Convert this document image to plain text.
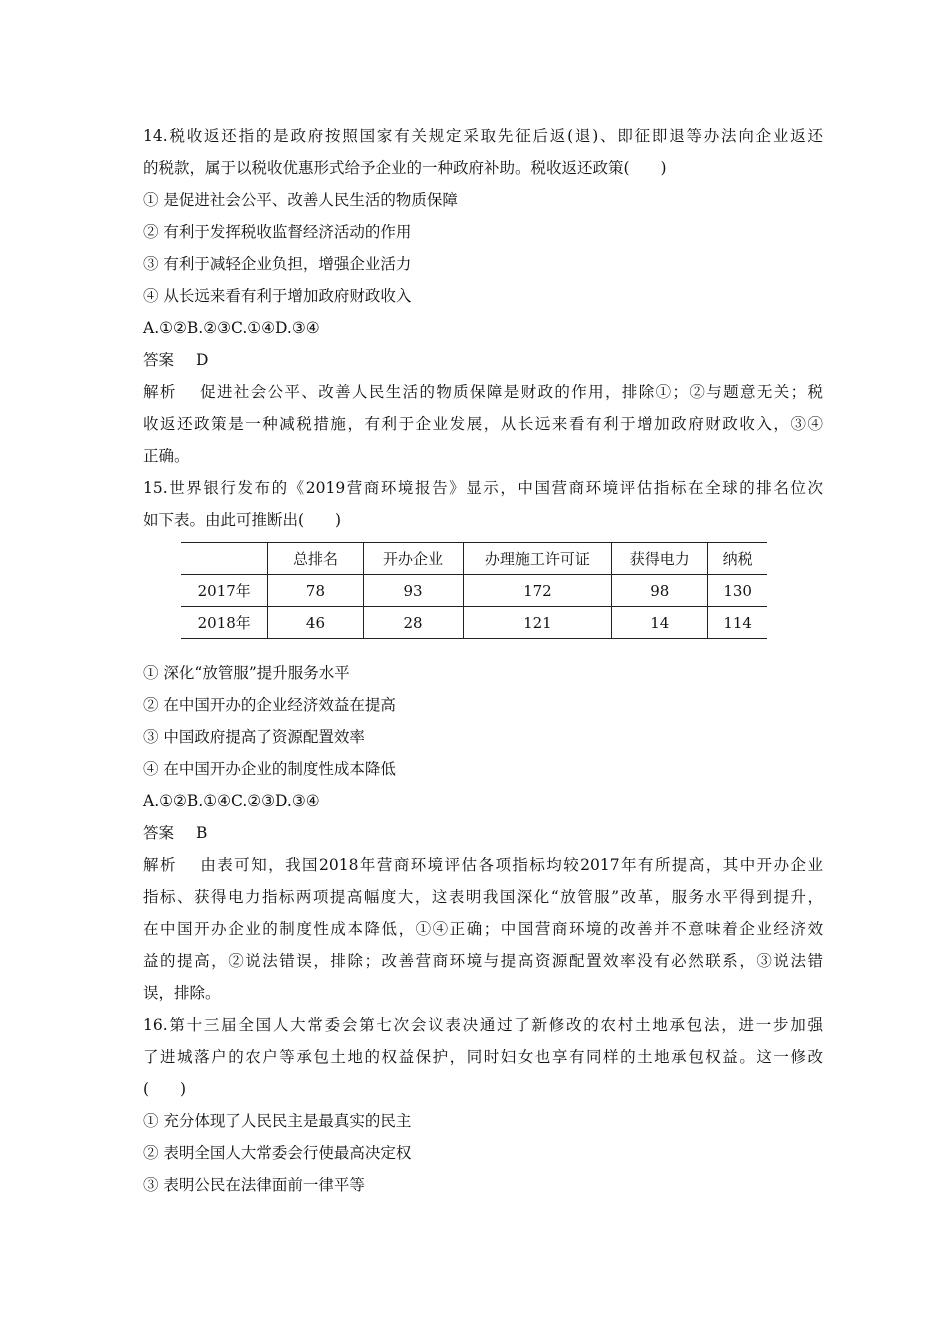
14.税收返还指的是政府按照国家有关规定采取先征后返(退)、即征即退等办法向企业返还
的税款，属于以税收优惠形式给予企业的一种政府补助。税收返还政策(　　)
① 是促进社会公平、改善人民生活的物质保障
② 有利于发挥税收监督经济活动的作用
③ 有利于减轻企业负担，增强企业活力
④ 从长远来看有利于增加政府财政收入
A.①②B.②③C.①④D.③④
答案 D
解析 促进社会公平、改善人民生活的物质保障是财政的作用，排除①；②与题意无关；税
收返还政策是一种减税措施，有利于企业发展，从长远来看有利于增加政府财政收入，③④
正确。
15.世界银行发布的《2019营商环境报告》显示，中国营商环境评估指标在全球的排名位次
如下表。由此可推断出(　　)
	总排名	开办企业	办理施工许可证	获得电力	纳税
2017年	78	93	172	98	130
2018年	46	28	121	14	114
① 深化“放管服”提升服务水平
② 在中国开办的企业经济效益在提高
③ 中国政府提高了资源配置效率
④ 在中国开办企业的制度性成本降低
A.①②B.①④C.②③D.③④
答案 B
解析 由表可知，我国2018年营商环境评估各项指标均较2017年有所提高，其中开办企业
指标、获得电力指标两项提高幅度大，这表明我国深化“放管服”改革，服务水平得到提升，
在中国开办企业的制度性成本降低，①④正确；中国营商环境的改善并不意味着企业经济效
益的提高，②说法错误，排除；改善营商环境与提高资源配置效率没有必然联系，③说法错
误，排除。
16.第十三届全国人大常委会第七次会议表决通过了新修改的农村土地承包法，进一步加强
了进城落户的农户等承包土地的权益保护，同时妇女也享有同样的土地承包权益。这一修改
(　　)
① 充分体现了人民民主是最真实的民主
② 表明全国人大常委会行使最高决定权
③ 表明公民在法律面前一律平等
